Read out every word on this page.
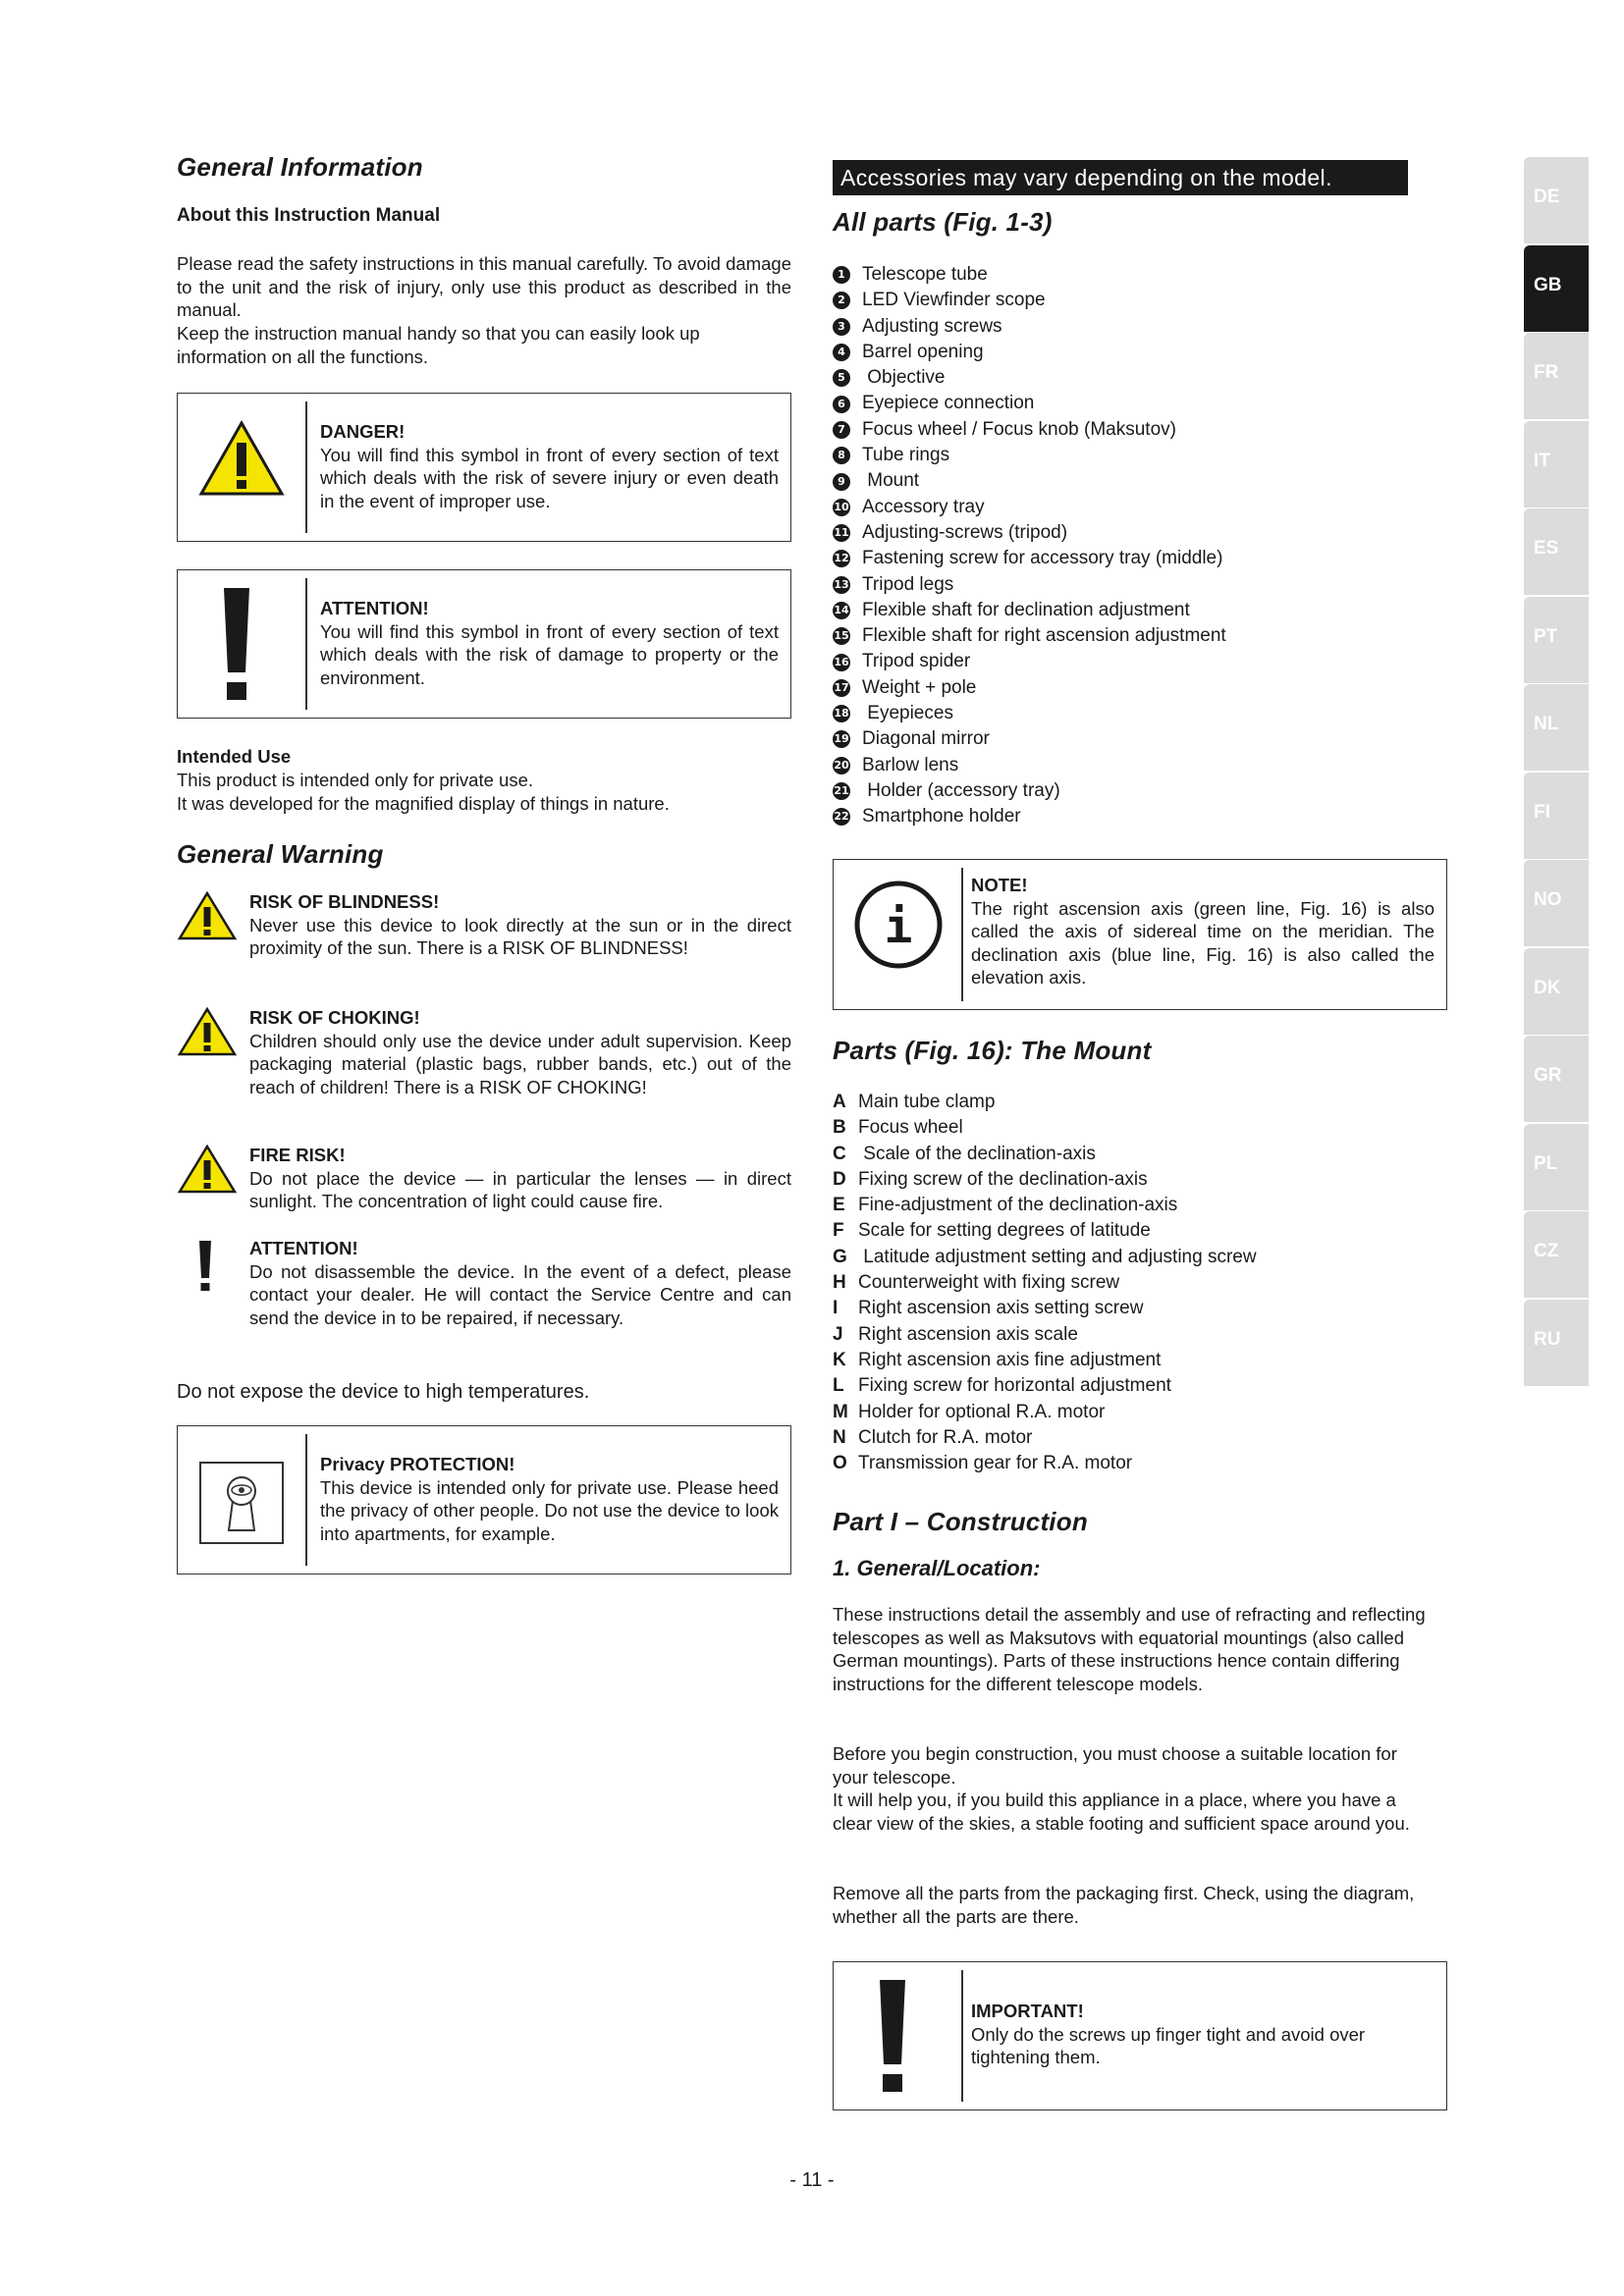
General Information
About this Instruction Manual

Please read the safety instructions in this manual carefully. To avoid damage to the unit and the risk of injury, only use this product as described in the manual.

Keep the instruction manual handy so that you can easily look up information on all the functions.

DANGER!
You will find this symbol in front of every section of text which deals with the risk of severe injury or even death in the event of improper use.
ATTENTION!
You will find this symbol in front of every section of text which deals with the risk of damage to property or the environment.
Intended Use

This product is intended only for private use.

It was developed for the magnified display of things in nature.

General Warning
RISK OF BLINDNESS!
Never use this device to look directly at the sun or in the direct proximity of the sun. There is a RISK OF BLINDNESS!
RISK OF CHOKING!
Children should only use the device under adult supervision. Keep packaging material (plastic bags, rubber bands, etc.) out of the reach of children! There is a RISK OF CHOKING!
FIRE RISK!
Do not place the device — in particular the lenses — in direct sunlight. The concentration of light could cause fire.
ATTENTION!
Do not disassemble the device. In the event of a defect, please contact your dealer. He will contact the Service Centre and can send the device in to be repaired, if necessary.

Do not expose the device to high temperatures.

Privacy PROTECTION!
This device is intended only for private use. Please heed the privacy of other people. Do not use the device to look into apartments, for example.
Accessories may vary depending on the model.
All parts (Fig. 1-3)
1 Telescope tube
2 LED Viewfinder scope
3 Adjusting screws
4 Barrel opening
5 Objective
6 Eyepiece connection
7 Focus wheel / Focus knob (Maksutov)
8 Tube rings
9 Mount
10 Accessory tray
11 Adjusting-screws (tripod)
12 Fastening screw for accessory tray (middle)
13 Tripod legs
14 Flexible shaft for declination adjustment
15 Flexible shaft for right ascension adjustment
16 Tripod spider
17 Weight + pole
18 Eyepieces
19 Diagonal mirror
20 Barlow lens
21 Holder (accessory tray)
22 Smartphone holder
i
NOTE!
The right ascension axis (green line, Fig. 16) is also called the axis of sidereal time on the meridian. The declination axis (blue line, Fig. 16) is also called the elevation axis.
Parts (Fig. 16): The Mount
A Main tube clamp
B Focus wheel
C Scale of the declination-axis
D Fixing screw of the declination-axis
E Fine-adjustment of the declination-axis
F Scale for setting degrees of latitude
G Latitude adjustment setting and adjusting screw
H Counterweight with fixing screw
I Right ascension axis setting screw
J Right ascension axis scale
K Right ascension axis fine adjustment
L Fixing screw for horizontal adjustment
M Holder for optional R.A. motor
N Clutch for R.A. motor
O Transmission gear for R.A. motor
Part I – Construction
1. General/Location:

These instructions detail the assembly and use of refracting and reflecting telescopes as well as Maksutovs with equatorial mountings (also called German mountings). Parts of these instructions hence contain differing instructions for the different telescope models.

Before you begin construction, you must choose a suitable location for your telescope.

It will help you, if you build this appliance in a place, where you have a clear view of the skies, a stable footing and sufficient space around you.

Remove all the parts from the packaging first. Check, using the diagram, whether all the parts are there.

IMPORTANT!
Only do the screws up finger tight and avoid over tightening them.
DE
GB
FR
IT
ES
PT
NL
FI
NO
DK
GR
PL
CZ
RU
- 11 -
